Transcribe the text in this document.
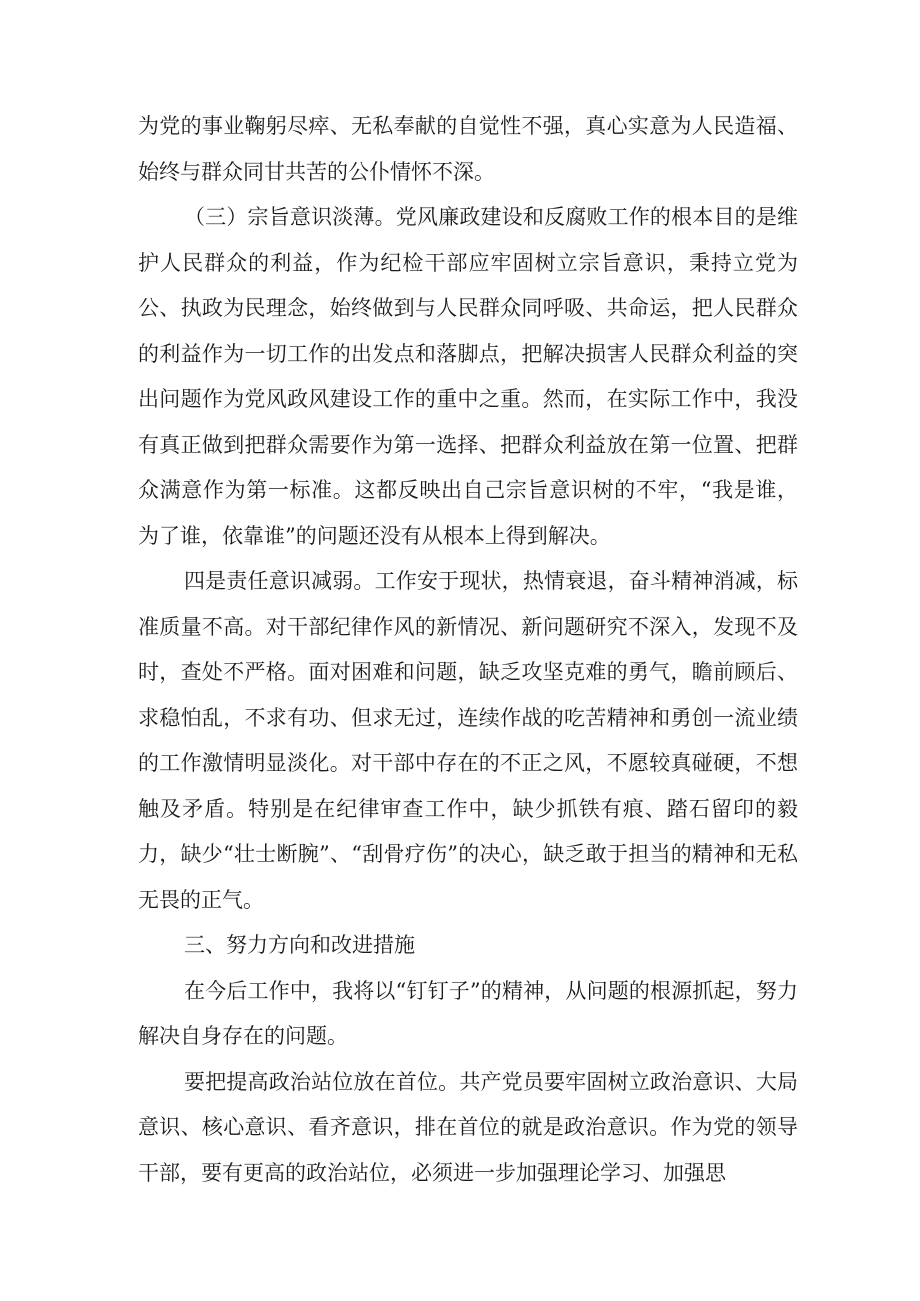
为党的事业鞠躬尽瘁、无私奉献的自觉性不强，真心实意为人民造福、始终与群众同甘共苦的公仆情怀不深。

（三）宗旨意识淡薄。党风廉政建设和反腐败工作的根本目的是维护人民群众的利益，作为纪检干部应牢固树立宗旨意识，秉持立党为公、执政为民理念，始终做到与人民群众同呼吸、共命运，把人民群众的利益作为一切工作的出发点和落脚点，把解决损害人民群众利益的突出问题作为党风政风建设工作的重中之重。然而，在实际工作中，我没有真正做到把群众需要作为第一选择、把群众利益放在第一位置、把群众满意作为第一标准。这都反映出自己宗旨意识树的不牢，“我是谁，为了谁，依靠谁”的问题还没有从根本上得到解决。

四是责任意识减弱。工作安于现状，热情衰退，奋斗精神消减，标准质量不高。对干部纪律作风的新情况、新问题研究不深入，发现不及时，查处不严格。面对困难和问题，缺乏攻坚克难的勇气，瞻前顾后、求稳怕乱，不求有功、但求无过，连续作战的吃苦精神和勇创一流业绩的工作激情明显淡化。对干部中存在的不正之风，不愿较真碰硬，不想触及矛盾。特别是在纪律审查工作中，缺少抓铁有痕、踏石留印的毅力，缺少“壮士断腕”、“刮骨疗伤”的决心，缺乏敢于担当的精神和无私无畏的正气。

三、努力方向和改进措施

在今后工作中，我将以“钉钉子”的精神，从问题的根源抓起，努力解决自身存在的问题。

要把提高政治站位放在首位。共产党员要牢固树立政治意识、大局意识、核心意识、看齐意识，排在首位的就是政治意识。作为党的领导干部，要有更高的政治站位，必须进一步加强理论学习、加强思
